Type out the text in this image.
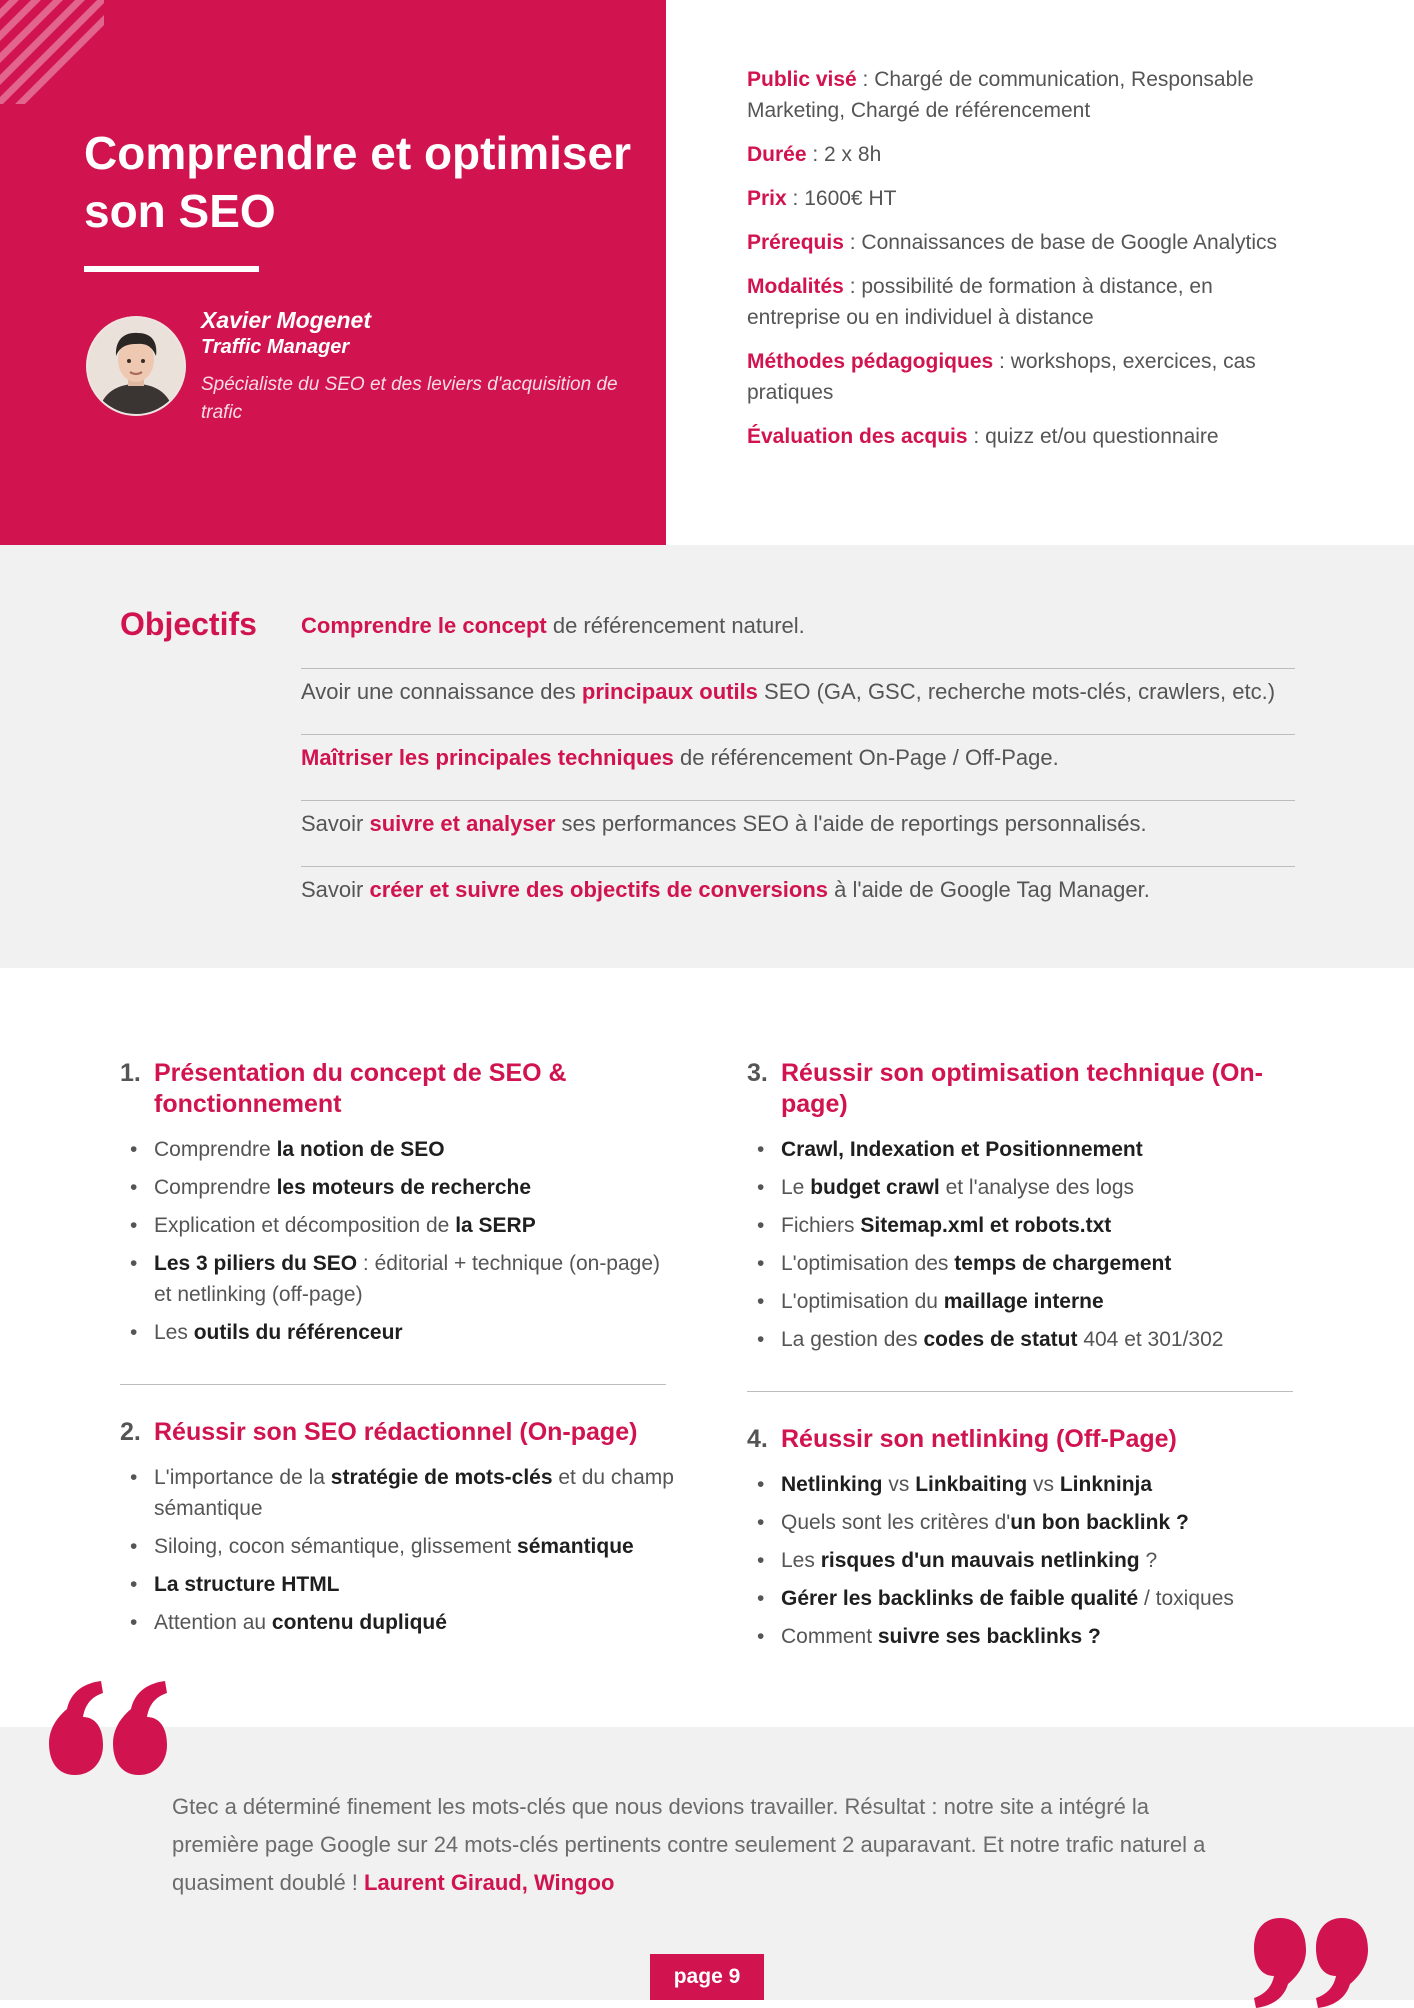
Comprendre et optimiser son SEO
Xavier Mogenet
Traffic Manager
Spécialiste du SEO et des leviers d'acquisition de trafic
Public visé : Chargé de communication, Responsable Marketing, Chargé de référencement
Durée : 2 x 8h
Prix : 1600€ HT
Prérequis : Connaissances de base de Google Analytics
Modalités : possibilité de formation à distance, en entreprise ou en individuel à distance
Méthodes pédagogiques : workshops, exercices, cas pratiques
Évaluation des acquis : quizz et/ou questionnaire
Objectifs Comprendre le concept de référencement naturel.
Avoir une connaissance des principaux outils SEO (GA, GSC, recherche mots-clés, crawlers, etc.)
Maîtriser les principales techniques de référencement On-Page / Off-Page.
Savoir suivre et analyser ses performances SEO à l'aide de reportings personnalisés.
Savoir créer et suivre des objectifs de conversions à l'aide de Google Tag Manager.
1. Présentation du concept de SEO & fonctionnement
• Comprendre la notion de SEO
• Comprendre les moteurs de recherche
• Explication et décomposition de la SERP
• Les 3 piliers du SEO : éditorial + technique (on-page) et netlinking (off-page)
• Les outils du référenceur
2. Réussir son SEO rédactionnel (On-page)
• L'importance de la stratégie de mots-clés et du champ sémantique
• Siloing, cocon sémantique, glissement sémantique
• La structure HTML
• Attention au contenu dupliqué
3. Réussir son optimisation technique (On-page)
• Crawl, Indexation et Positionnement
• Le budget crawl et l'analyse des logs
• Fichiers Sitemap.xml et robots.txt
• L'optimisation des temps de chargement
• L'optimisation du maillage interne
• La gestion des codes de statut 404 et 301/302
4. Réussir son netlinking (Off-Page)
• Netlinking vs Linkbaiting vs Linkninja
• Quels sont les critères d'un bon backlink ?
• Les risques d'un mauvais netlinking ?
• Gérer les backlinks de faible qualité / toxiques
• Comment suivre ses backlinks ?

Gtec a déterminé finement les mots-clés que nous devions travailler. Résultat : notre site a intégré la première page Google sur 24 mots-clés pertinents contre seulement 2 auparavant. Et notre trafic naturel a quasiment doublé ! Laurent Giraud, Wingoo

page 9
